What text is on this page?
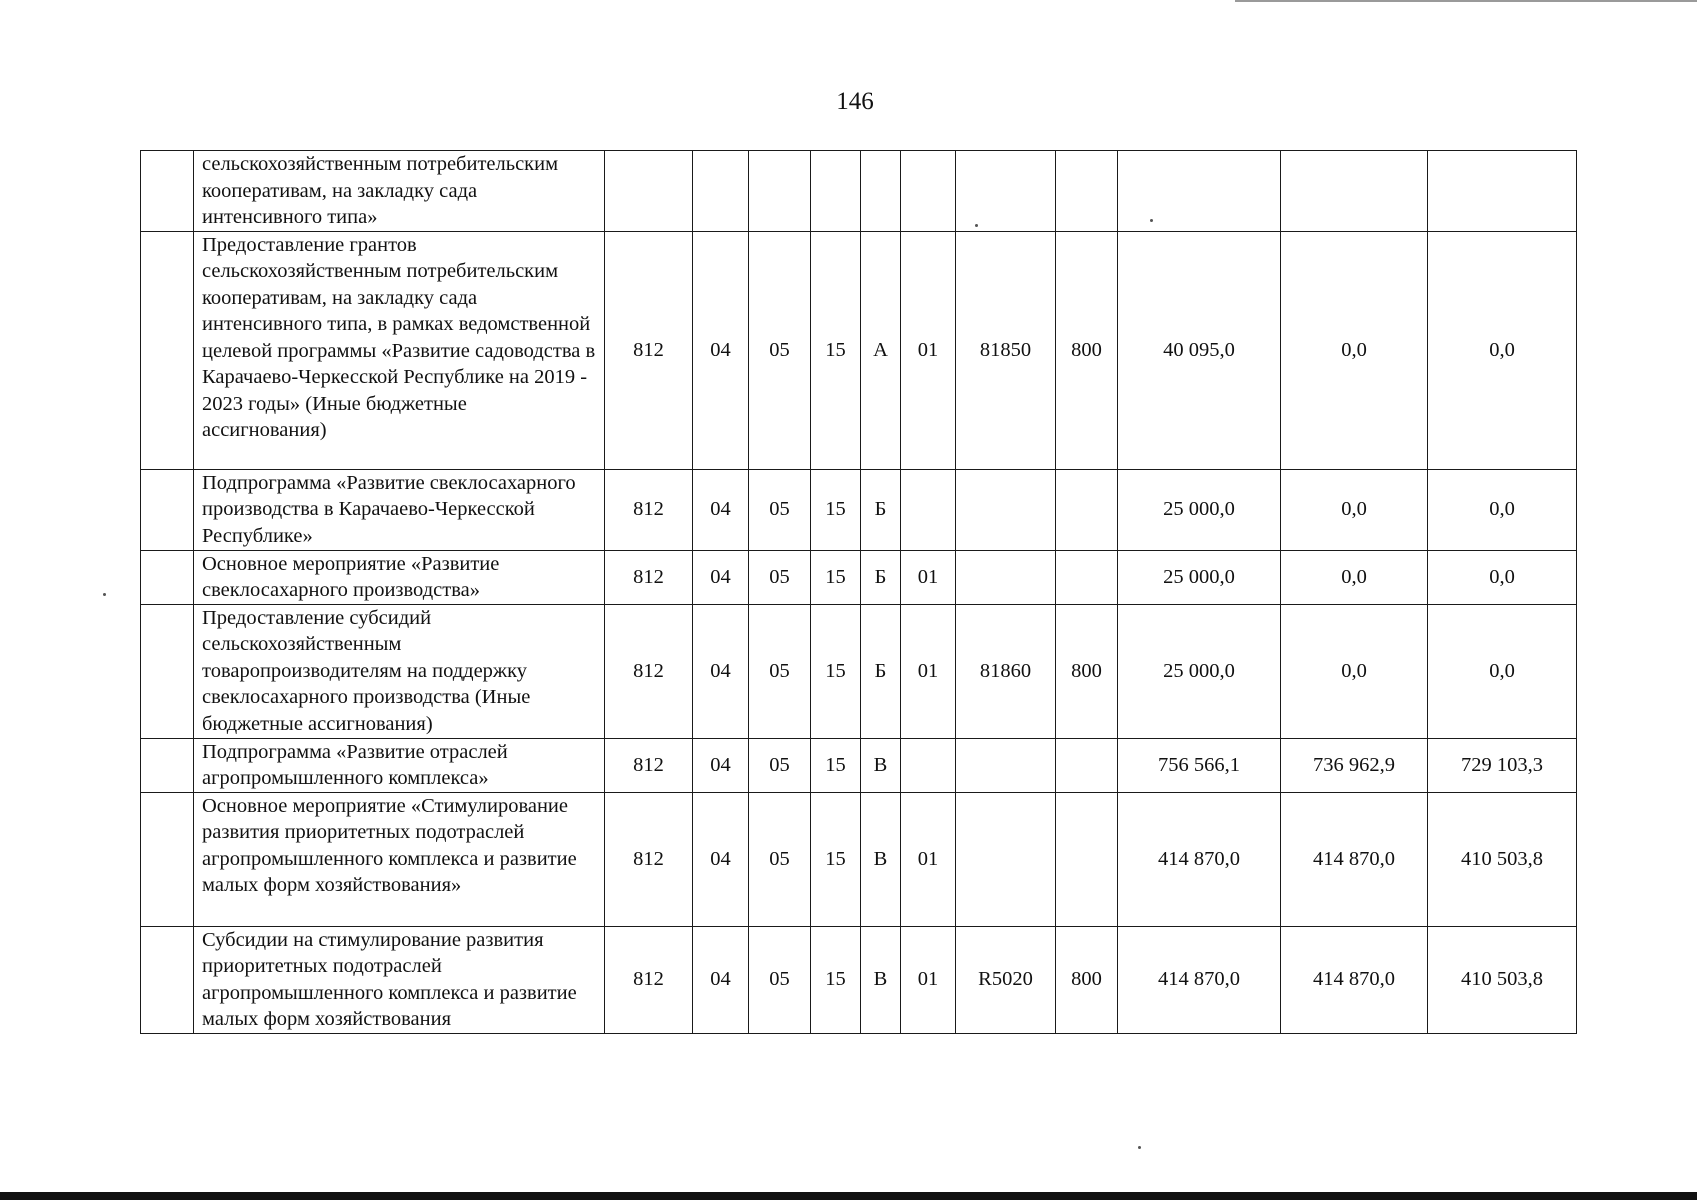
146
	сельскохозяйственным потребительским кооперативам, на закладку сада интенсивного типа»											
	Предоставление грантов сельскохозяйственным потребительским кооперативам, на закладку сада интенсивного типа, в рамках ведомственной целевой программы «Развитие садоводства в Карачаево-Черкесской Республике на 2019 - 2023 годы» (Иные бюджетные ассигнования)	812	04	05	15	А	01	81850	800	40 095,0	0,0	0,0
	Подпрограмма «Развитие свеклосахарного производства в Карачаево-Черкесской Республике»	812	04	05	15	Б				25 000,0	0,0	0,0
	Основное мероприятие «Развитие свеклосахарного производства»	812	04	05	15	Б	01			25 000,0	0,0	0,0
	Предоставление субсидий сельскохозяйственным товаропроизводителям на поддержку свеклосахарного производства (Иные бюджетные ассигнования)	812	04	05	15	Б	01	81860	800	25 000,0	0,0	0,0
	Подпрограмма «Развитие отраслей агропромышленного комплекса»	812	04	05	15	В				756 566,1	736 962,9	729 103,3
	Основное мероприятие «Стимулирование развития приоритетных подотраслей агропромышленного комплекса и развитие малых форм хозяйствования»	812	04	05	15	В	01			414 870,0	414 870,0	410 503,8
	Субсидии на стимулирование развития приоритетных подотраслей агропромышленного комплекса и развитие малых форм хозяйствования	812	04	05	15	В	01	R5020	800	414 870,0	414 870,0	410 503,8
